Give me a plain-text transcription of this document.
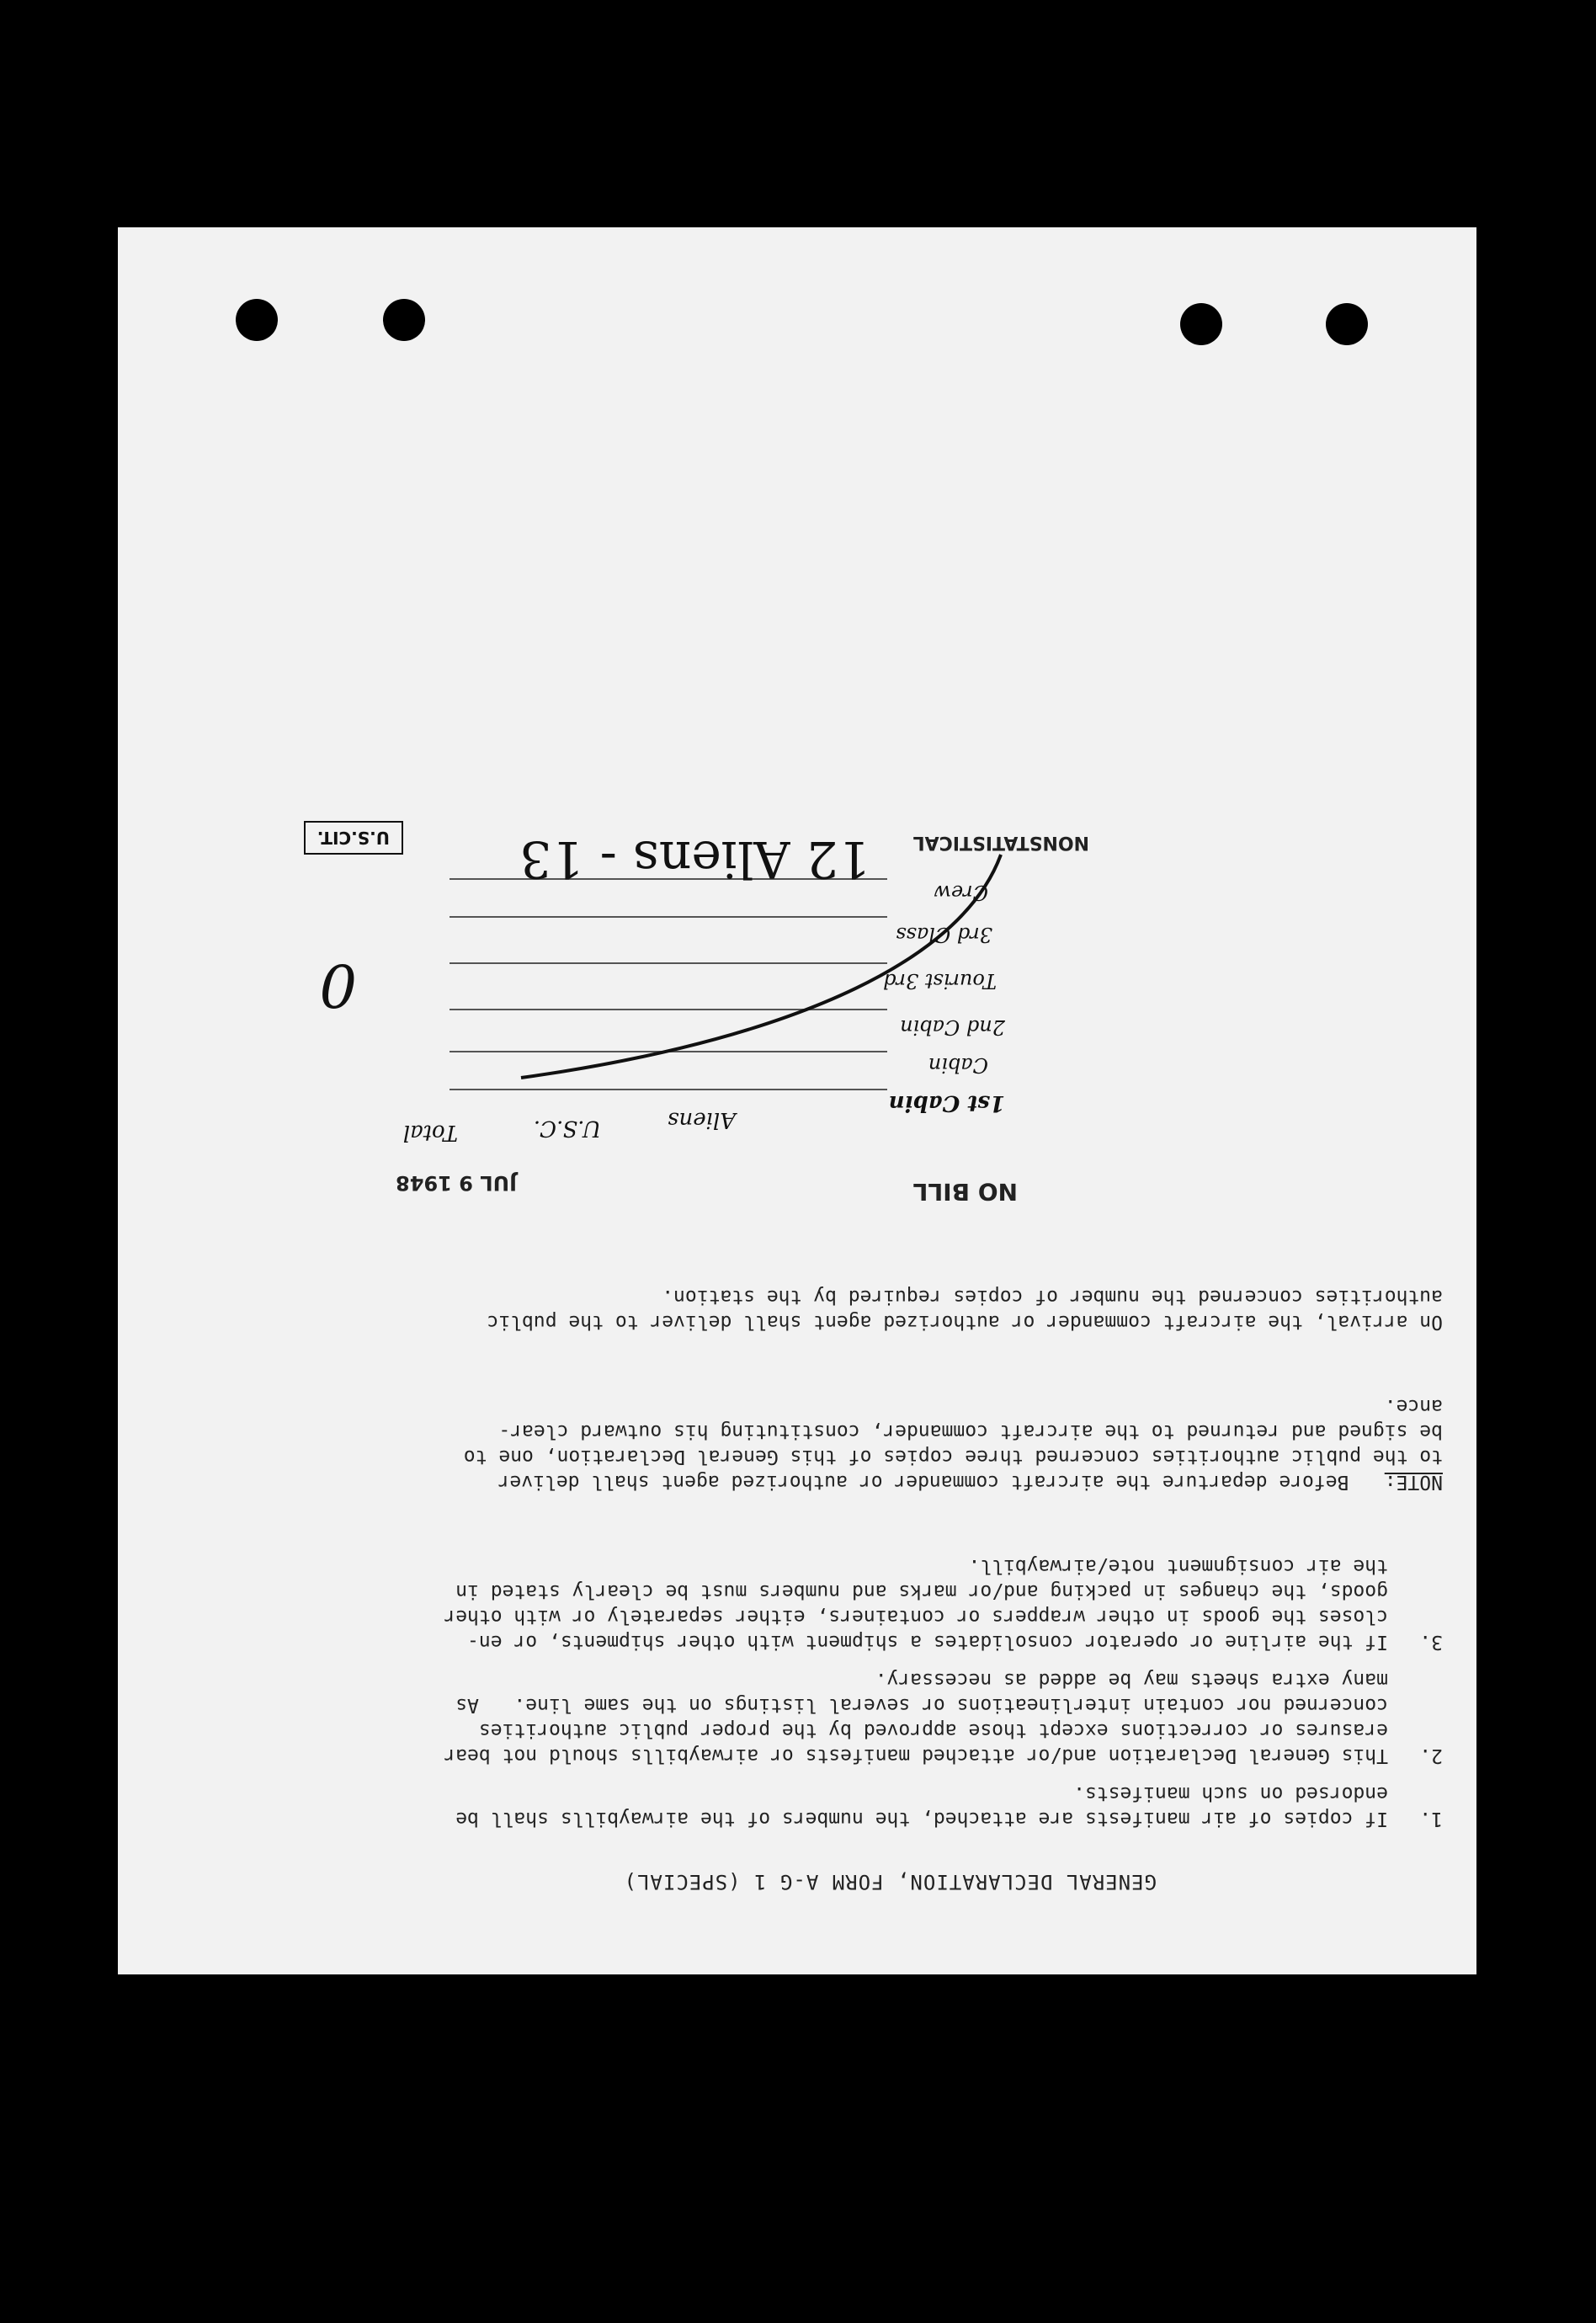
GENERAL DECLARATION, FORM A-G 1 (SPECIAL)
1.
If copies of air manifests are attached, the numbers of the airwaybills shall be
endorsed on such manifests.
2.
This General Declaration and/or attached manifests or airwaybills should not bear
erasures or corrections except those approved by the proper public authorities
concerned nor contain interlineations or several listings on the same line.   As
many extra sheets may be added as necessary.
3.
If the airline or operator consolidates a shipment with other shipments, or en-
closes the goods in other wrappers or containers, either separately or with other
goods, the changes in packing and/or marks and numbers must be clearly stated in
the air consignment note/airwaybill.
NOTE:
Before departure the aircraft commander or authorized agent shall deliver
to the public authorities concerned three copies of this General Declaration, one to
be signed and returned to the aircraft commander, constituting his outward clear-
ance.
On arrival, the aircraft commander or authorized agent shall deliver to the public
authorities concerned the number of copies required by the station.
NO BILL
JUL 9 1948
Aliens
U.S.C.
Total
1st Cabin
Cabin
2nd Cabin
Tourist 3rd
3rd Class
Crew
0
NONSTATISTICAL
12 Aliens - 13
U.S.CIT.
